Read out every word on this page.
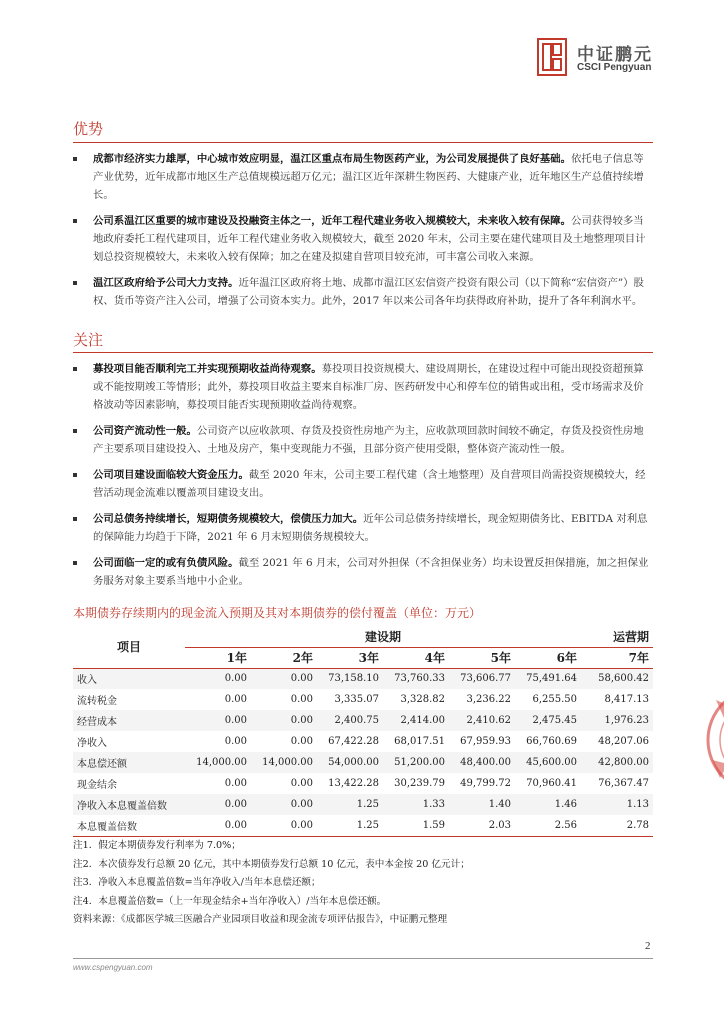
中证鹏元
CSCI Pengyuan
优势
成都市经济实力雄厚，中心城市效应明显，温江区重点布局生物医药产业，为公司发展提供了良好基础。依托电子信息等产业优势，近年成都市地区生产总值规模远超万亿元；温江区近年深耕生物医药、大健康产业，近年地区生产总值持续增长。
公司系温江区重要的城市建设及投融资主体之一，近年工程代建业务收入规模较大，未来收入较有保障。公司获得较多当地政府委托工程代建项目，近年工程代建业务收入规模较大，截至 2020 年末，公司主要在建代建项目及土地整理项目计划总投资规模较大，未来收入较有保障；加之在建及拟建自营项目较充沛，可丰富公司收入来源。
温江区政府给予公司大力支持。近年温江区政府将土地、成都市温江区宏信资产投资有限公司（以下简称“宏信资产”）股权、货币等资产注入公司，增强了公司资本实力。此外，2017 年以来公司各年均获得政府补助，提升了各年利润水平。
关注
募投项目能否顺利完工并实现预期收益尚待观察。募投项目投资规模大、建设周期长，在建设过程中可能出现投资超预算或不能按期竣工等情形；此外，募投项目收益主要来自标准厂房、医药研发中心和停车位的销售或出租，受市场需求及价格波动等因素影响，募投项目能否实现预期收益尚待观察。
公司资产流动性一般。公司资产以应收款项、存货及投资性房地产为主，应收款项回款时间较不确定，存货及投资性房地产主要系项目建设投入、土地及房产，集中变现能力不强，且部分资产使用受限，整体资产流动性一般。
公司项目建设面临较大资金压力。截至 2020 年末，公司主要工程代建（含土地整理）及自营项目尚需投资规模较大，经营活动现金流难以覆盖项目建设支出。
公司总债务持续增长，短期债务规模较大，偿债压力加大。近年公司总债务持续增长，现金短期债务比、EBITDA 对利息的保障能力均趋于下降，2021 年 6 月末短期债务规模较大。
公司面临一定的或有负债风险。截至 2021 年 6 月末，公司对外担保（不含担保业务）均未设置反担保措施，加之担保业务服务对象主要系当地中小企业。
本期债券存续期内的现金流入预期及其对本期债券的偿付覆盖（单位：万元）
项目	建设期						运营期
	1年	2年	3年	4年	5年	6年	7年
收入	0.00	0.00	73,158.10	73,760.33	73,606.77	75,491.64	58,600.42
流转税金	0.00	0.00	3,335.07	3,328.82	3,236.22	6,255.50	8,417.13
经营成本	0.00	0.00	2,400.75	2,414.00	2,410.62	2,475.45	1,976.23
净收入	0.00	0.00	67,422.28	68,017.51	67,959.93	66,760.69	48,207.06
本息偿还额	14,000.00	14,000.00	54,000.00	51,200.00	48,400.00	45,600.00	42,800.00
现金结余	0.00	0.00	13,422.28	30,239.79	49,799.72	70,960.41	76,367.47
净收入本息覆盖倍数	0.00	0.00	1.25	1.33	1.40	1.46	1.13
本息覆盖倍数	0.00	0.00	1.25	1.59	2.03	2.56	2.78
注1．假定本期债券发行利率为 7.0%；
注2．本次债券发行总额 20 亿元，其中本期债券发行总额 10 亿元，表中本金按 20 亿元计；
注3．净收入本息覆盖倍数=当年净收入/当年本息偿还额；
注4．本息覆盖倍数=（上一年现金结余+当年净收入）/当年本息偿还额。
资料来源：《成都医学城三医融合产业园项目收益和现金流专项评估报告》，中证鹏元整理
2
www.cspengyuan.com
